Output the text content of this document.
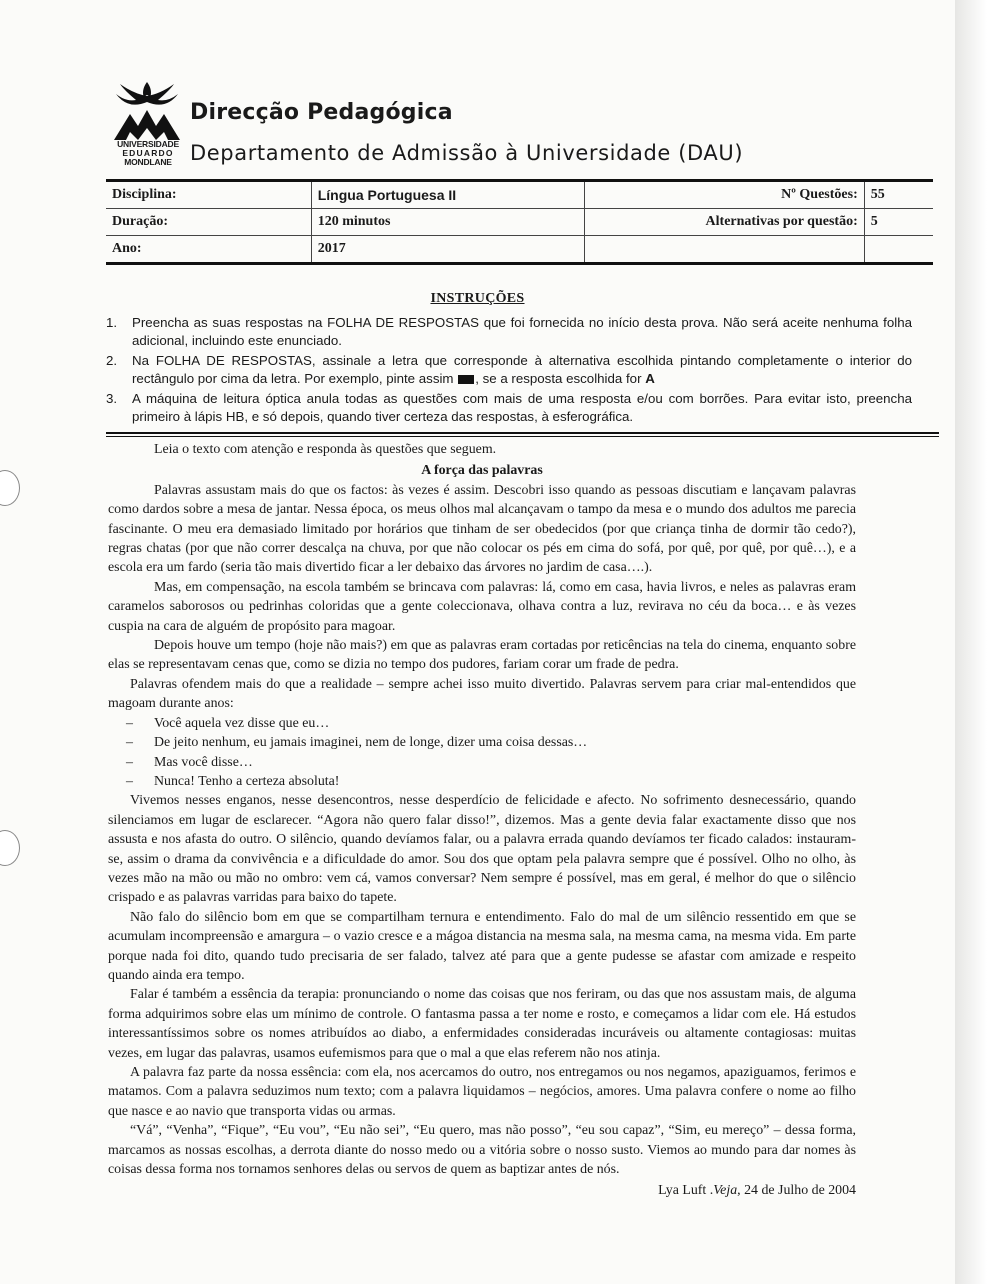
UNIVERSIDADE
EDUARDO
MONDLANE
Direcção Pedagógica
Departamento de Admissão à Universidade (DAU)
Disciplina:	Língua Portuguesa II	Nº Questões:	55
Duração:	120 minutos	Alternativas por questão:	5
Ano:	2017		
INSTRUÇÕES
1. Preencha as suas respostas na FOLHA DE RESPOSTAS que foi fornecida no início desta prova. Não será aceite nenhuma folha adicional, incluindo este enunciado.
2. Na FOLHA DE RESPOSTAS, assinale a letra que corresponde à alternativa escolhida pintando completamente o interior do rectângulo por cima da letra. Por exemplo, pinte assim , se a resposta escolhida for A
3. A máquina de leitura óptica anula todas as questões com mais de uma resposta e/ou com borrões. Para evitar isto, preencha primeiro à lápis HB, e só depois, quando tiver certeza das respostas, à esferográfica.

Leia o texto com atenção e responda às questões que seguem.

A força das palavras

Palavras assustam mais do que os factos: às vezes é assim. Descobri isso quando as pessoas discutiam e lançavam palavras como dardos sobre a mesa de jantar. Nessa época, os meus olhos mal alcançavam o tampo da mesa e o mundo dos adultos me parecia fascinante. O meu era demasiado limitado por horários que tinham de ser obedecidos (por que criança tinha de dormir tão cedo?), regras chatas (por que não correr descalça na chuva, por que não colocar os pés em cima do sofá, por quê, por quê, por quê…), e a escola era um fardo (seria tão mais divertido ficar a ler debaixo das árvores no jardim de casa….).

Mas, em compensação, na escola também se brincava com palavras: lá, como em casa, havia livros, e neles as palavras eram caramelos saborosos ou pedrinhas coloridas que a gente coleccionava, olhava contra a luz, revirava no céu da boca… e às vezes cuspia na cara de alguém de propósito para magoar.

Depois houve um tempo (hoje não mais?) em que as palavras eram cortadas por reticências na tela do cinema, enquanto sobre elas se representavam cenas que, como se dizia no tempo dos pudores, fariam corar um frade de pedra.

Palavras ofendem mais do que a realidade – sempre achei isso muito divertido. Palavras servem para criar mal-entendidos que magoam durante anos:

– Você aquela vez disse que eu…

– De jeito nenhum, eu jamais imaginei, nem de longe, dizer uma coisa dessas…

– Mas você disse…

– Nunca! Tenho a certeza absoluta!

Vivemos nesses enganos, nesse desencontros, nesse desperdício de felicidade e afecto. No sofrimento desnecessário, quando silenciamos em lugar de esclarecer. “Agora não quero falar disso!”, dizemos. Mas a gente devia falar exactamente disso que nos assusta e nos afasta do outro. O silêncio, quando devíamos falar, ou a palavra errada quando devíamos ter ficado calados: instauram-se, assim o drama da convivência e a dificuldade do amor. Sou dos que optam pela palavra sempre que é possível. Olho no olho, às vezes mão na mão ou mão no ombro: vem cá, vamos conversar? Nem sempre é possível, mas em geral, é melhor do que o silêncio crispado e as palavras varridas para baixo do tapete.

Não falo do silêncio bom em que se compartilham ternura e entendimento. Falo do mal de um silêncio ressentido em que se acumulam incompreensão e amargura – o vazio cresce e a mágoa distancia na mesma sala, na mesma cama, na mesma vida. Em parte porque nada foi dito, quando tudo precisaria de ser falado, talvez até para que a gente pudesse se afastar com amizade e respeito quando ainda era tempo.

Falar é também a essência da terapia: pronunciando o nome das coisas que nos feriram, ou das que nos assustam mais, de alguma forma adquirimos sobre elas um mínimo de controle. O fantasma passa a ter nome e rosto, e começamos a lidar com ele. Há estudos interessantíssimos sobre os nomes atribuídos ao diabo, a enfermidades consideradas incuráveis ou altamente contagiosas: muitas vezes, em lugar das palavras, usamos eufemismos para que o mal a que elas referem não nos atinja.

A palavra faz parte da nossa essência: com ela, nos acercamos do outro, nos entregamos ou nos negamos, apaziguamos, ferimos e matamos. Com a palavra seduzimos num texto; com a palavra liquidamos – negócios, amores. Uma palavra confere o nome ao filho que nasce e ao navio que transporta vidas ou armas.

“Vá”, “Venha”, “Fique”, “Eu vou”, “Eu não sei”, “Eu quero, mas não posso”, “eu sou capaz”, “Sim, eu mereço” – dessa forma, marcamos as nossas escolhas, a derrota diante do nosso medo ou a vitória sobre o nosso susto. Viemos ao mundo para dar nomes às coisas dessa forma nos tornamos senhores delas ou servos de quem as baptizar antes de nós.

Lya Luft .Veja, 24 de Julho de 2004
